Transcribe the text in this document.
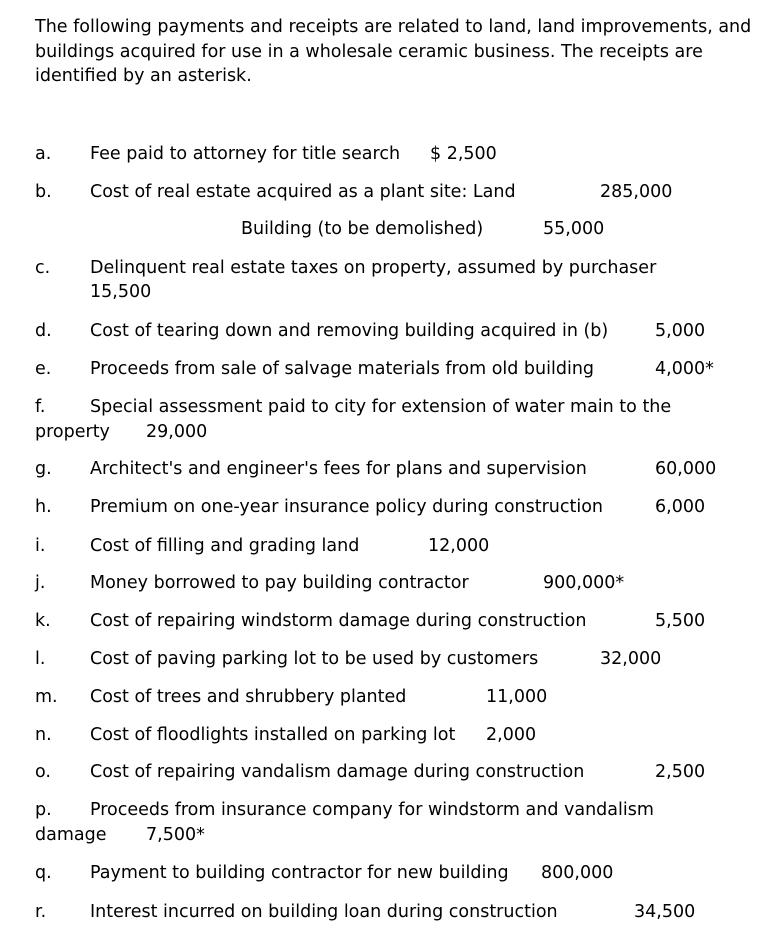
The following payments and receipts are related to land, land improvements, and buildings acquired for use in a wholesale ceramic business. The receipts are identified by an asterisk.

a. Fee paid to attorney for title search $ 2,500
b. Cost of real estate acquired as a plant site: Land	285,000
Building (to be demolished)	55,000
c. Delinquent real estate taxes on property, assumed by purchaser
15,500
d. Cost of tearing down and removing building acquired in (b)	5,000
e. Proceeds from sale of salvage materials from old building	4,000*
f.	Special assessment paid to city for extension of water main to the
property 29,000
g. Architect's and engineer's fees for plans and supervision	60,000
h. Premium on one-year insurance policy during construction	6,000
i.	Cost of filling and grading land	12,000
j.	Money borrowed to pay building contractor	900,000*
k. Cost of repairing windstorm damage during construction	5,500
l.	Cost of paving parking lot to be used by customers	32,000
m. Cost of trees and shrubbery planted	11,000
n. Cost of floodlights installed on parking lot 2,000
o. Cost of repairing vandalism damage during construction	2,500
p. Proceeds from insurance company for windstorm and vandalism
damage 7,500*
q. Payment to building contractor for new building 800,000
r.	Interest incurred on building loan during construction	34,500
